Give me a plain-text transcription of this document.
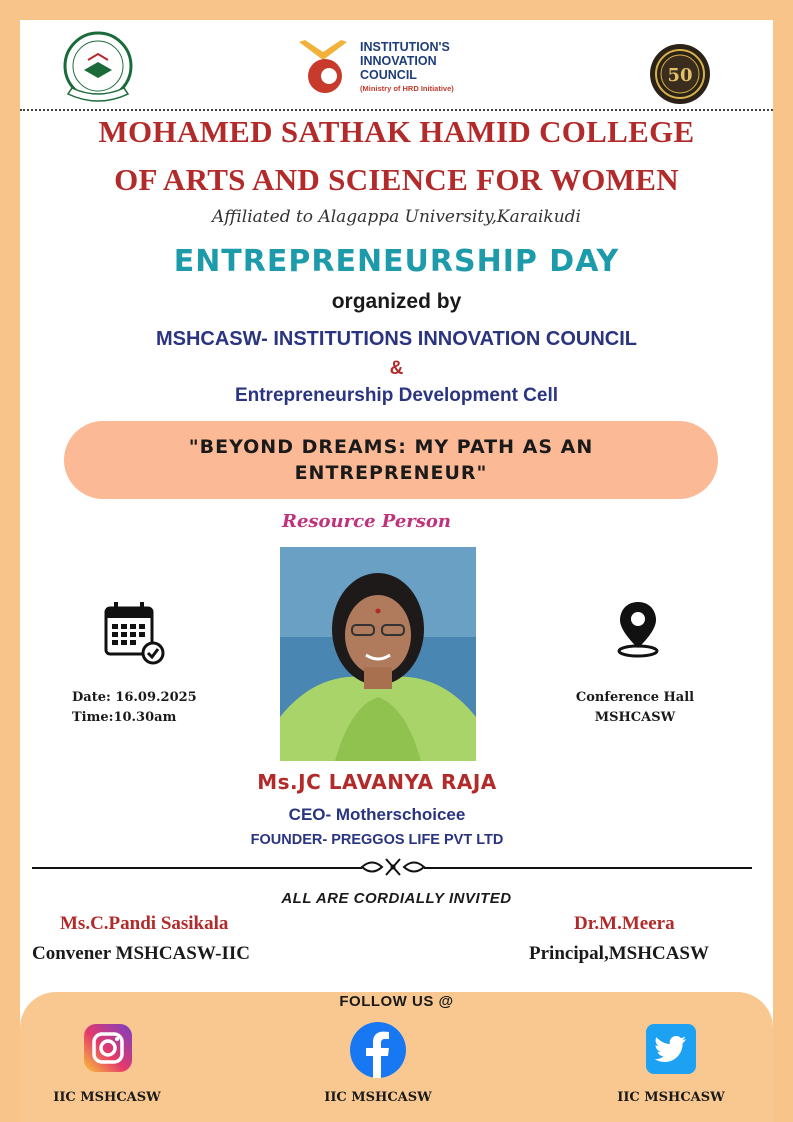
INSTITUTION'S
INNOVATION
COUNCIL
(Ministry of HRD Initiative)
50
MOHAMED SATHAK HAMID COLLEGE
OF ARTS AND SCIENCE FOR WOMEN
Affiliated to Alagappa University,Karaikudi
ENTREPRENEURSHIP DAY
organized by
MSHCASW- INSTITUTIONS INNOVATION COUNCIL
&
Entrepreneurship Development Cell
"BEYOND DREAMS: MY PATH AS AN
ENTREPRENEUR"
Resource Person
Date: 16.09.2025
Time:10.30am
Conference Hall
MSHCASW
Ms.JC LAVANYA RAJA
CEO- Motherschoicee
FOUNDER- PREGGOS LIFE PVT LTD
ALL ARE CORDIALLY INVITED
Ms.C.Pandi Sasikala
Convener MSHCASW-IIC
Dr.M.Meera
Principal,MSHCASW
FOLLOW US @
IIC MSHCASW	IIC MSHCASW	IIC MSHCASW
